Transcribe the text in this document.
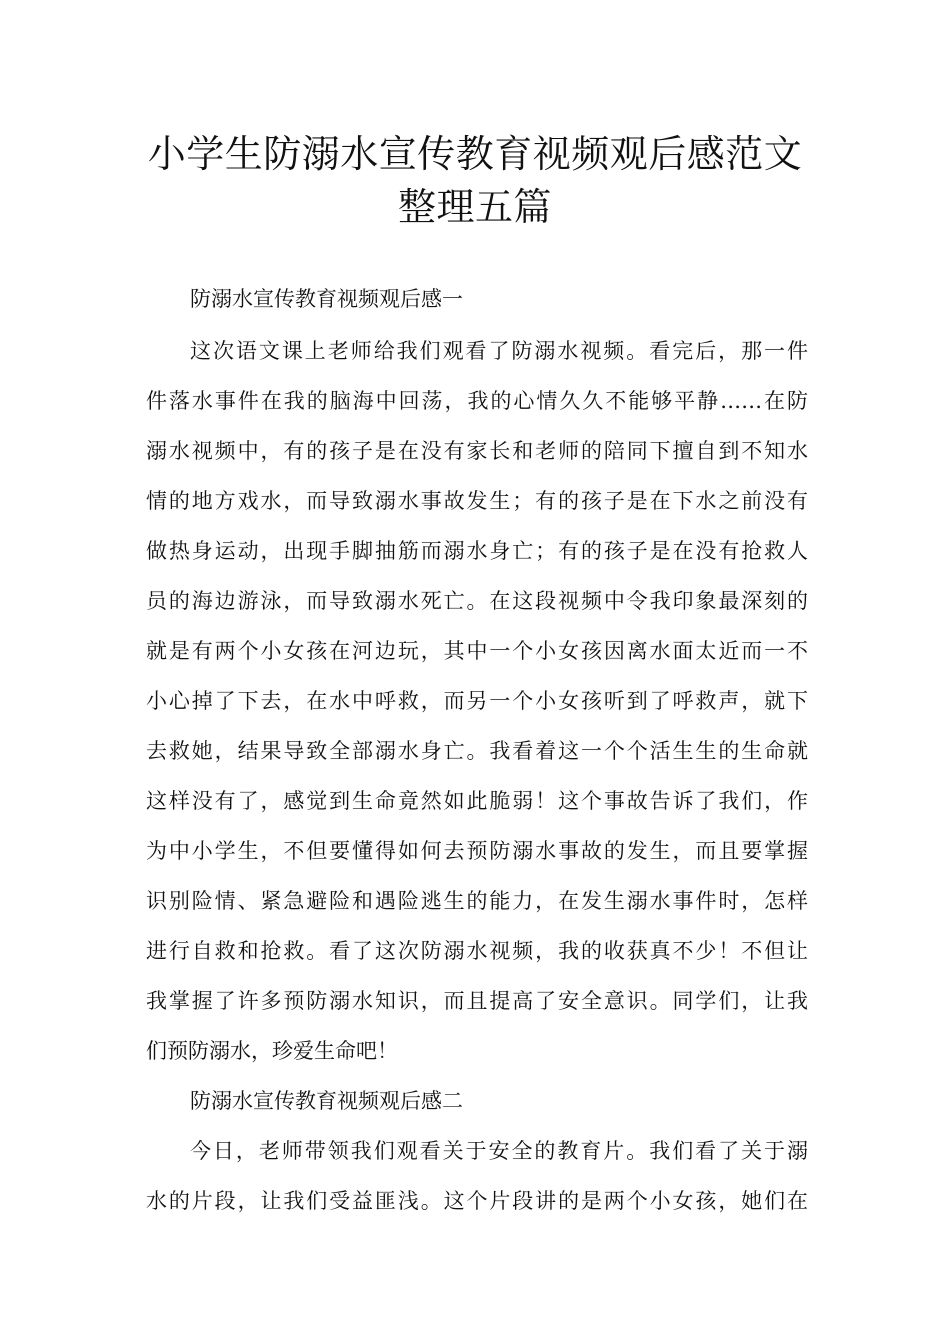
小学生防溺水宣传教育视频观后感范文
整理五篇
防溺水宣传教育视频观后感一
这次语文课上老师给我们观看了防溺水视频。看完后，那一件
件落水事件在我的脑海中回荡，我的心情久久不能够平静……在防
溺水视频中，有的孩子是在没有家长和老师的陪同下擅自到不知水
情的地方戏水，而导致溺水事故发生；有的孩子是在下水之前没有
做热身运动，出现手脚抽筋而溺水身亡；有的孩子是在没有抢救人
员的海边游泳，而导致溺水死亡。在这段视频中令我印象最深刻的
就是有两个小女孩在河边玩，其中一个小女孩因离水面太近而一不
小心掉了下去，在水中呼救，而另一个小女孩听到了呼救声，就下
去救她，结果导致全部溺水身亡。我看着这一个个活生生的生命就
这样没有了，感觉到生命竟然如此脆弱！这个事故告诉了我们，作
为中小学生，不但要懂得如何去预防溺水事故的发生，而且要掌握
识别险情、紧急避险和遇险逃生的能力，在发生溺水事件时，怎样
进行自救和抢救。看了这次防溺水视频，我的收获真不少！不但让
我掌握了许多预防溺水知识，而且提高了安全意识。同学们，让我
们预防溺水，珍爱生命吧！
防溺水宣传教育视频观后感二
今日，老师带领我们观看关于安全的教育片。我们看了关于溺
水的片段，让我们受益匪浅。这个片段讲的是两个小女孩，她们在
